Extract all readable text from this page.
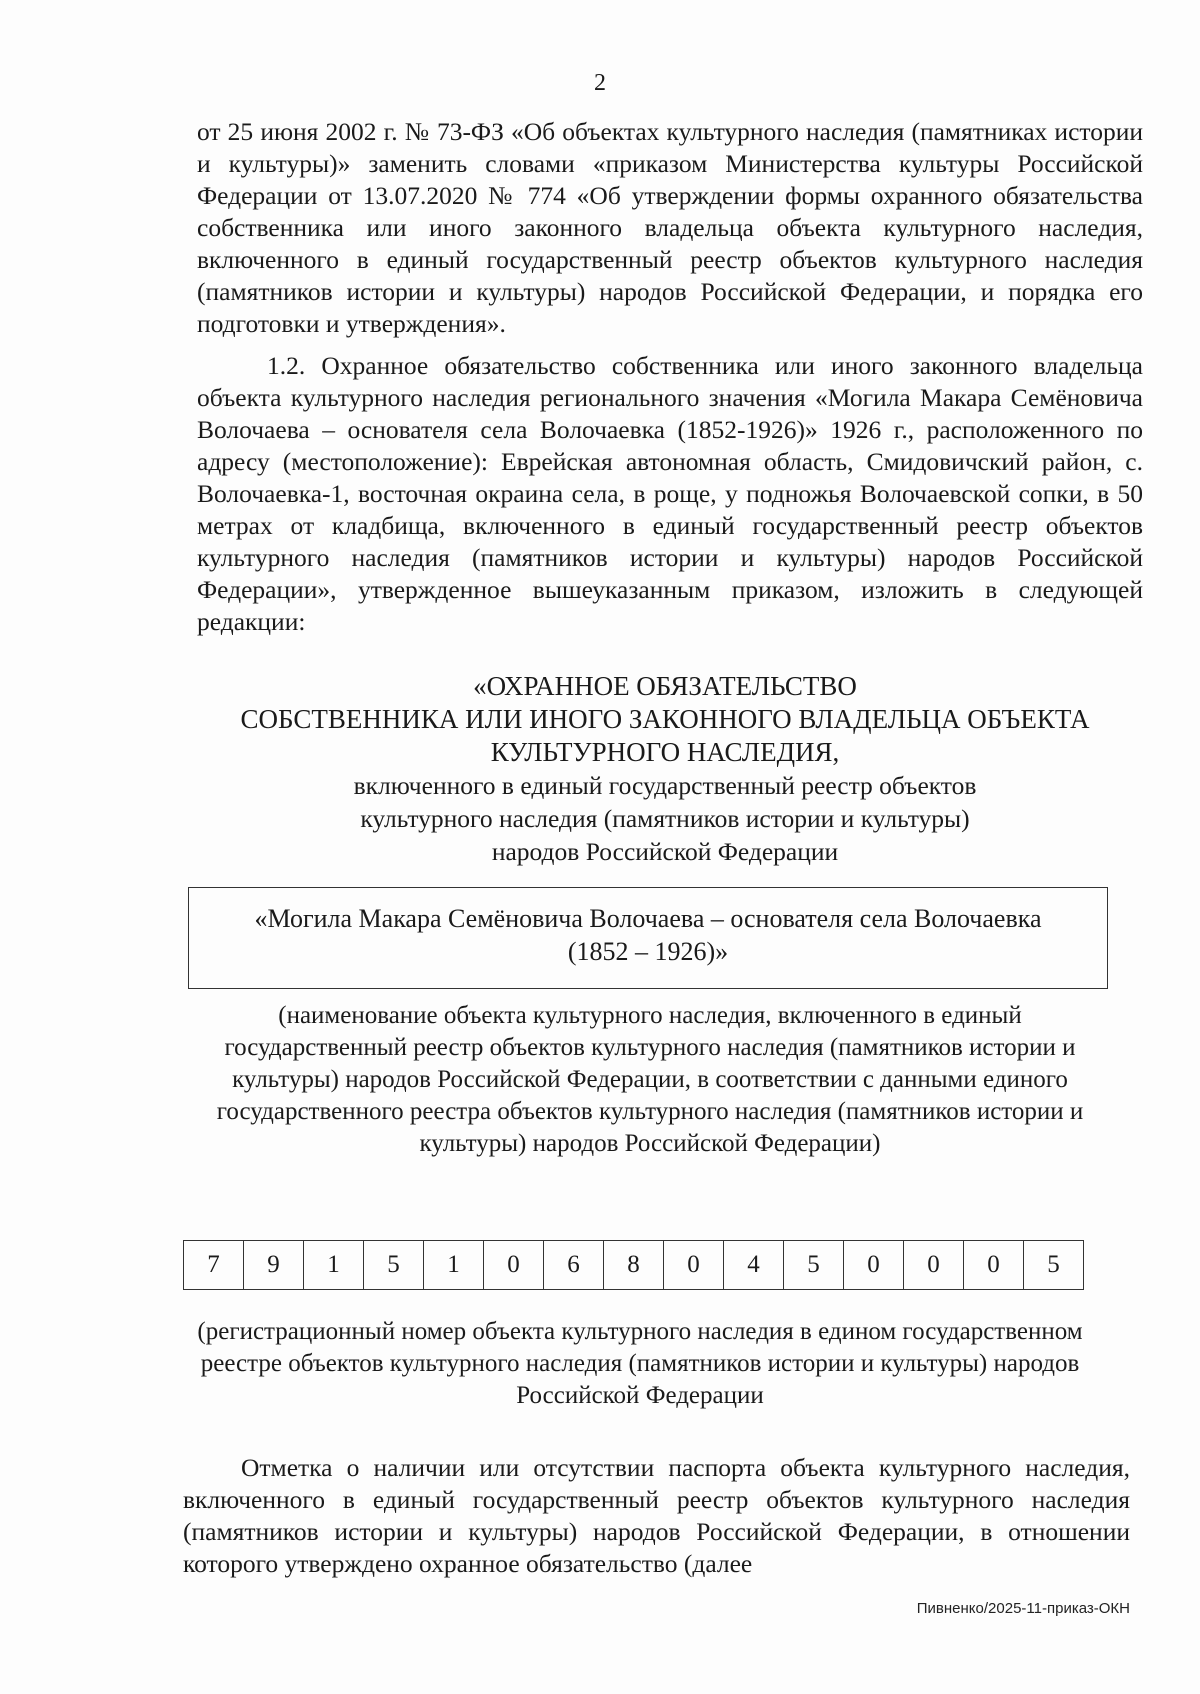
2

от 25 июня 2002 г. № 73-ФЗ «Об объектах культурного наследия (памятниках истории и культуры)» заменить словами «приказом Министерства культуры Российской Федерации от 13.07.2020 № 774 «Об утверждении формы охранного обязательства собственника или иного законного владельца объекта культурного наследия, включенного в единый государственный реестр объектов культурного наследия (памятников истории и культуры) народов Российской Федерации, и порядка его подготовки и утверждения».

1.2. Охранное обязательство собственника или иного законного владельца объекта культурного наследия регионального значения «Могила Макара Семёновича Волочаева – основателя села Волочаевка (1852-1926)» 1926 г., расположенного по адресу (местоположение): Еврейская автономная область, Смидовичский район, с. Волочаевка-1, восточная окраина села, в роще, у подножья Волочаевской сопки, в 50 метрах от кладбища, включенного в единый государственный реестр объектов культурного наследия (памятников истории и культуры) народов Российской Федерации», утвержденное вышеуказанным приказом, изложить в следующей редакции:

«ОХРАННОЕ ОБЯЗАТЕЛЬСТВО
СОБСТВЕННИКА ИЛИ ИНОГО ЗАКОННОГО ВЛАДЕЛЬЦА ОБЪЕКТА
КУЛЬТУРНОГО НАСЛЕДИЯ,
включенного в единый государственный реестр объектов
культурного наследия (памятников истории и культуры)
народов Российской Федерации
«Могила Макара Семёновича Волочаева – основателя села Волочаевка
(1852 – 1926)»
(наименование объекта культурного наследия, включенного в единый государственный реестр объектов культурного наследия (памятников истории и культуры) народов Российской Федерации, в соответствии с данными единого государственного реестра объектов культурного наследия (памятников истории и культуры) народов Российской Федерации)
7	9	1	5	1	0	6	8	0	4	5	0	0	0	5
(регистрационный номер объекта культурного наследия в едином государственном реестре объектов культурного наследия (памятников истории и культуры) народов Российской Федерации

Отметка о наличии или отсутствии паспорта объекта культурного наследия, включенного в единый государственный реестр объектов культурного наследия (памятников истории и культуры) народов Российской Федерации, в отношении которого утверждено охранное обязательство (далее

Пивненко/2025-11-приказ-ОКН
